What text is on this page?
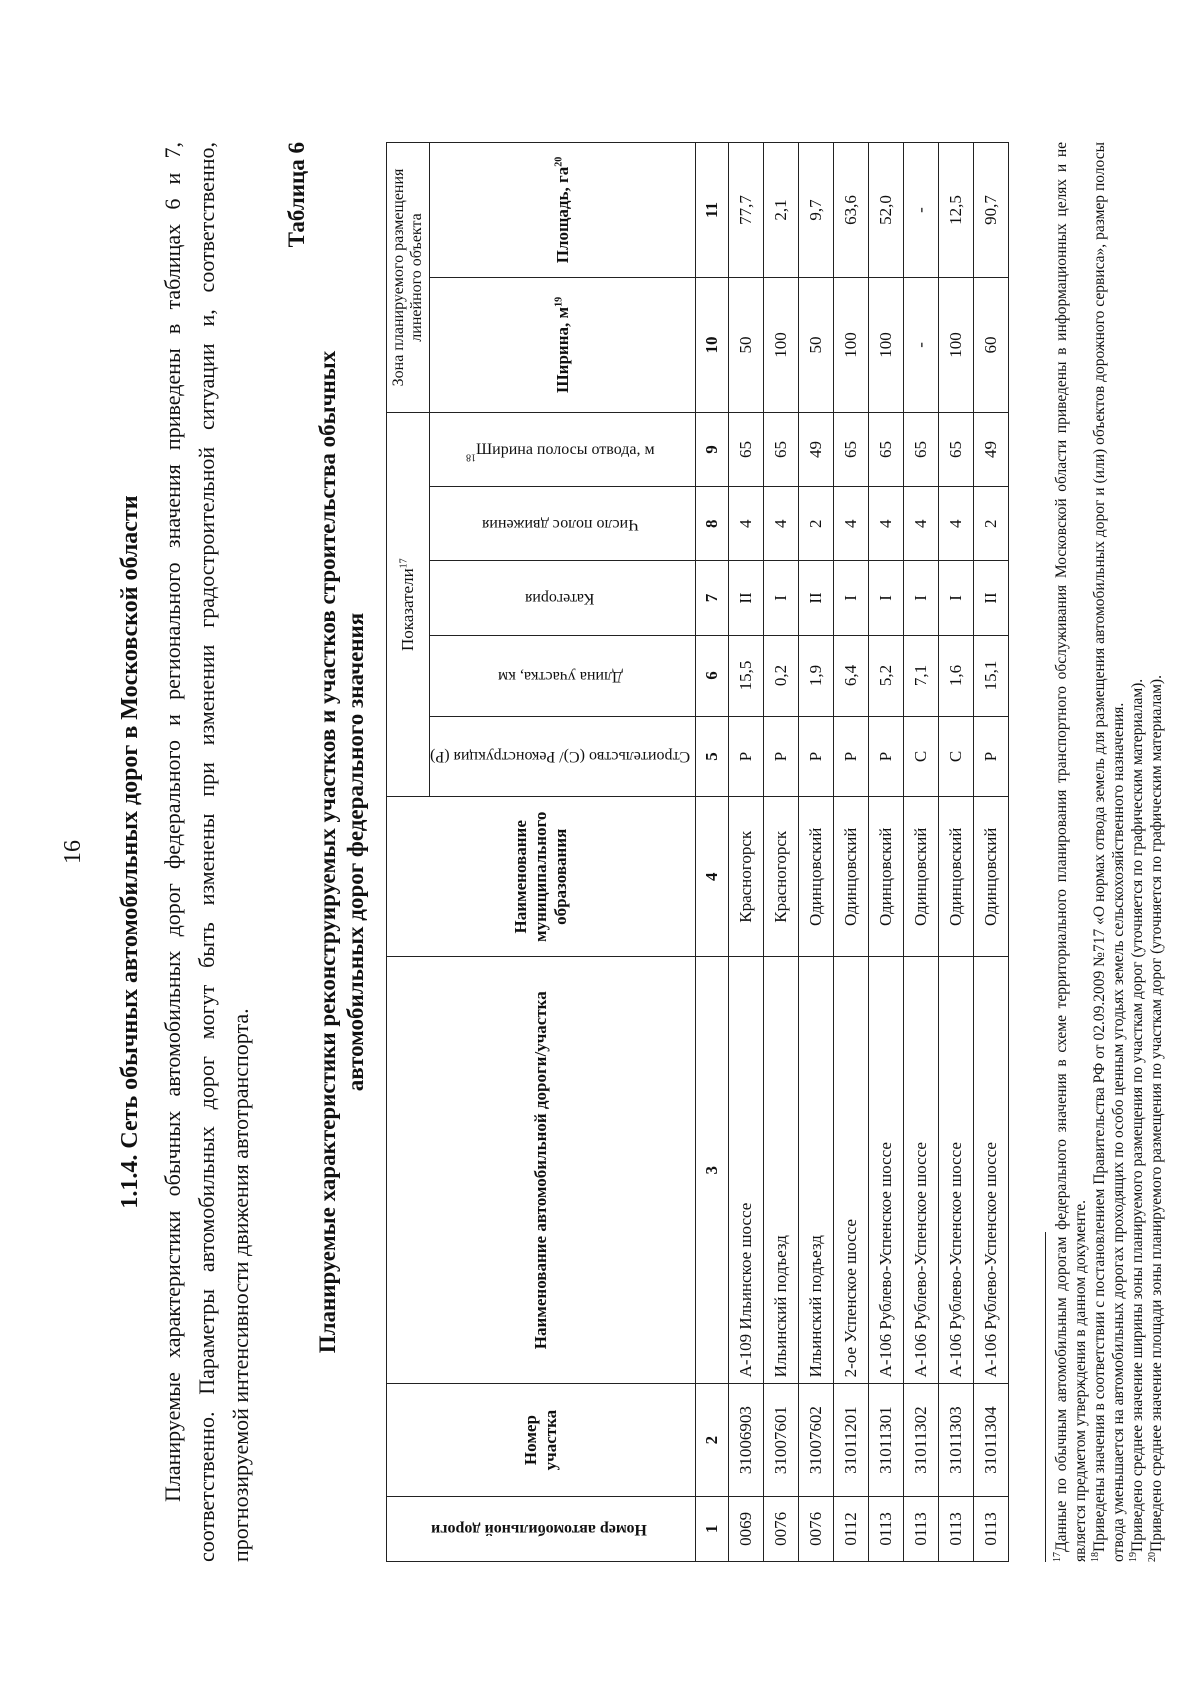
16 1.1.4. Сеть обычных автомобильных дорог в Московской области Планируемые характеристики обычных автомобильных дорог федерального и регионального значения приведены в таблицах 6 и 7, соответственно. Параметры автомобильных дорог могут быть изменены при изменении градостроительной ситуации и, соответственно, прогнозируемой интенсивности движения автотранспорта.

Таблица 6
Планируемые характеристики реконструируемых участков и участков строительства обычных автомобильных дорог федерального значения
Номер автомобильной дороги	Номер участка	Наименование автомобильной дороги/участка	Наименование муниципального образования	Показатели$^{17}$					Зона планируемого размещения линейного объекта	
				Строительство (С)/ Реконструкция (Р)	Длина участка, км	Категория	Число полос движения	Ширина полосы отвода, $м^{18}$	Ширина, $м^{19}$	Площадь, $га^{20}$
1	2	3	4	5	6	7	8	9	10	11
0069	31006903	А-109 Ильинское шоссе	Красногорск	Р	15,5	II	4	65	50	77,7
0076	31007601	Ильинский подъезд	Красногорск	Р	0,2	I	4	65	100	2,1
0076	31007602	Ильинский подъезд	Одинцовский	Р	1,9	II	2	49	50	9,7
0112	31011201	2-ое Успенское шоссе	Одинцовский	Р	6,4	I	4	65	100	63,6
0113	31011301	А-106 Рублево-Успенское шоссе	Одинцовский	Р	5,2	I	4	65	100	52,0
0113	31011302	А-106 Рублево-Успенское шоссе	Одинцовский	С	7,1	I	4	65	-	-
0113	31011303	А-106 Рублево-Успенское шоссе	Одинцовский	С	1,6	I	4	65	100	12,5
0113	31011304	А-106 Рублево-Успенское шоссе	Одинцовский	Р	15,1	II	2	49	60	90,7

$^{17}$Данные по обычным автомобильным дорогам федерального значения в схеме территориального планирования транспортного обслуживания Московской области приведены в информационных целях и не является предметом утверждения в данном документе. $^{18}$Приведены значения в соответствии с постановлением Правительства РФ от 02.09.2009 №717 «О нормах отвода земель для размещения автомобильных дорог и (или) объектов дорожного сервиса», размер полосы отвода уменьшается на автомобильных дорогах проходящих по особо ценным угодьях земель сельскохозяйственного назначения. $^{19}$Приведено среднее значение ширины зоны планируемого размещения по участкам дорог (уточняется по графическим материалам).

$^{20}$Приведено среднее значение площади зоны планируемого размещения по участкам дорог (уточняется по графическим материалам).
